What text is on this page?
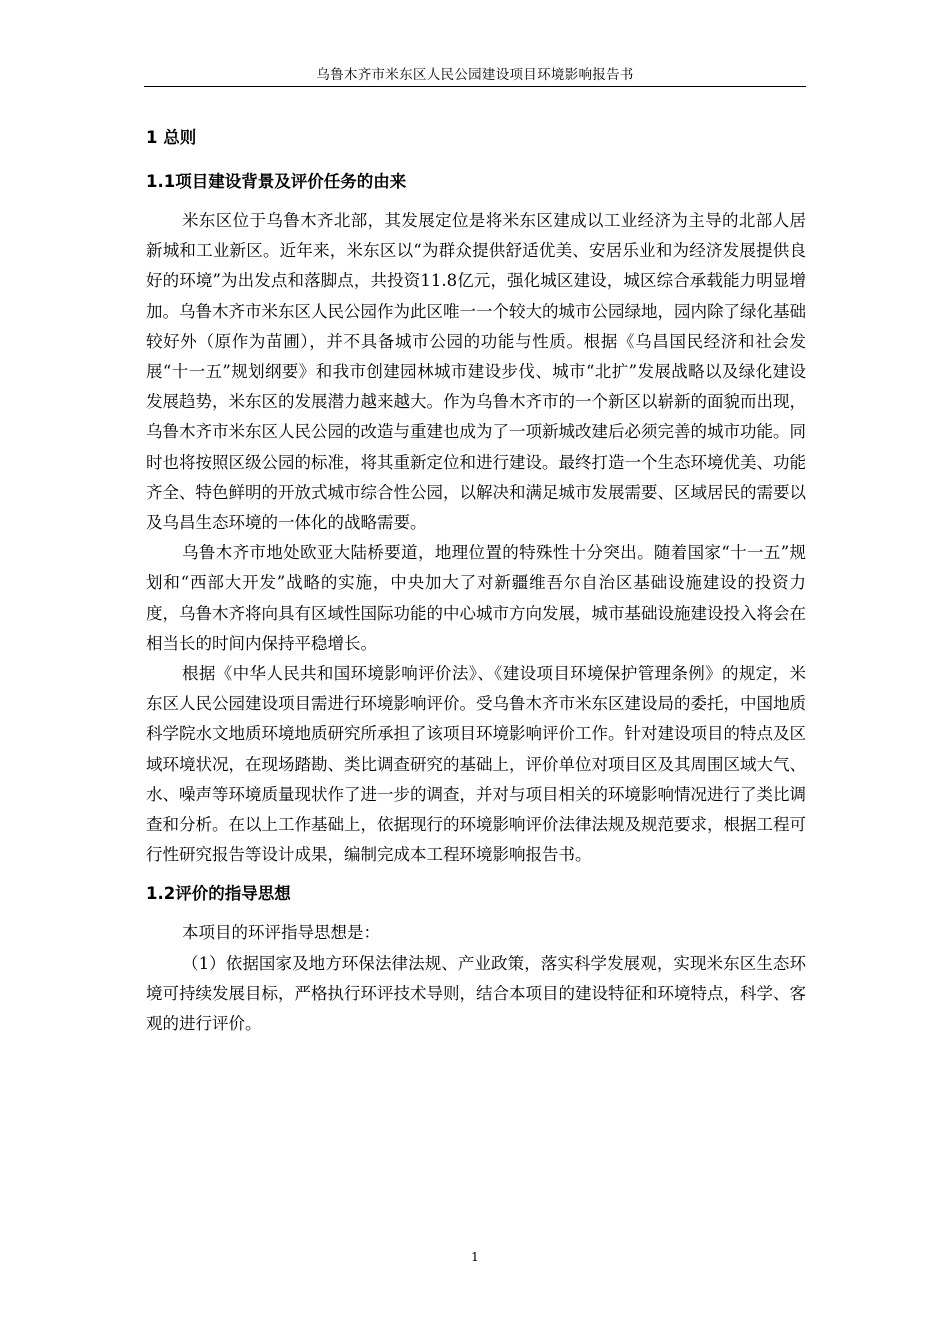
乌鲁木齐市米东区人民公园建设项目环境影响报告书
1 总则
1.1项目建设背景及评价任务的由来

米东区位于乌鲁木齐北部，其发展定位是将米东区建成以工业经济为主导的北部人居新城和工业新区。近年来，米东区以“为群众提供舒适优美、安居乐业和为经济发展提供良好的环境”为出发点和落脚点，共投资11.8亿元，强化城区建设，城区综合承载能力明显增加。乌鲁木齐市米东区人民公园作为此区唯一一个较大的城市公园绿地，园内除了绿化基础较好外（原作为苗圃），并不具备城市公园的功能与性质。根据《乌昌国民经济和社会发展“十一五”规划纲要》和我市创建园林城市建设步伐、城市“北扩”发展战略以及绿化建设发展趋势，米东区的发展潜力越来越大。作为乌鲁木齐市的一个新区以崭新的面貌而出现，乌鲁木齐市米东区人民公园的改造与重建也成为了一项新城改建后必须完善的城市功能。同时也将按照区级公园的标准，将其重新定位和进行建设。最终打造一个生态环境优美、功能齐全、特色鲜明的开放式城市综合性公园，以解决和满足城市发展需要、区域居民的需要以及乌昌生态环境的一体化的战略需要。

乌鲁木齐市地处欧亚大陆桥要道，地理位置的特殊性十分突出。随着国家“十一五”规划和“西部大开发”战略的实施，中央加大了对新疆维吾尔自治区基础设施建设的投资力度，乌鲁木齐将向具有区域性国际功能的中心城市方向发展，城市基础设施建设投入将会在相当长的时间内保持平稳增长。

根据《中华人民共和国环境影响评价法》、《建设项目环境保护管理条例》的规定，米东区人民公园建设项目需进行环境影响评价。受乌鲁木齐市米东区建设局的委托，中国地质科学院水文地质环境地质研究所承担了该项目环境影响评价工作。针对建设项目的特点及区域环境状况，在现场踏勘、类比调查研究的基础上，评价单位对项目区及其周围区域大气、水、噪声等环境质量现状作了进一步的调查，并对与项目相关的环境影响情况进行了类比调查和分析。在以上工作基础上，依据现行的环境影响评价法律法规及规范要求，根据工程可行性研究报告等设计成果，编制完成本工程环境影响报告书。

1.2评价的指导思想

本项目的环评指导思想是：

（1）依据国家及地方环保法律法规、产业政策，落实科学发展观，实现米东区生态环境可持续发展目标，严格执行环评技术导则，结合本项目的建设特征和环境特点，科学、客观的进行评价。

1
